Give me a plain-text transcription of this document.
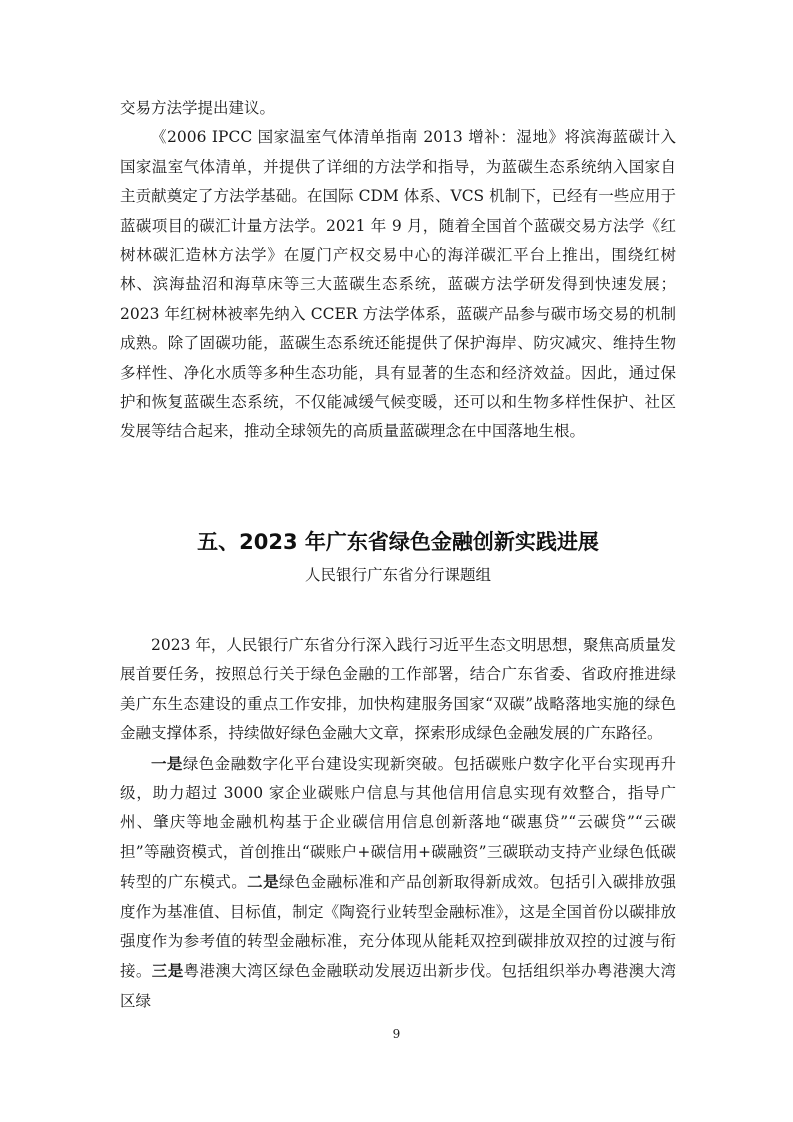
交易方法学提出建议。

《2006 IPCC 国家温室气体清单指南 2013 增补：湿地》将滨海蓝碳计入国家温室气体清单，并提供了详细的方法学和指导，为蓝碳生态系统纳入国家自主贡献奠定了方法学基础。在国际 CDM 体系、VCS 机制下，已经有一些应用于蓝碳项目的碳汇计量方法学。2021 年 9 月，随着全国首个蓝碳交易方法学《红树林碳汇造林方法学》在厦门产权交易中心的海洋碳汇平台上推出，围绕红树林、滨海盐沼和海草床等三大蓝碳生态系统，蓝碳方法学研发得到快速发展；2023 年红树林被率先纳入 CCER 方法学体系，蓝碳产品参与碳市场交易的机制成熟。除了固碳功能，蓝碳生态系统还能提供了保护海岸、防灾减灾、维持生物多样性、净化水质等多种生态功能，具有显著的生态和经济效益。因此，通过保护和恢复蓝碳生态系统，不仅能减缓气候变暖，还可以和生物多样性保护、社区发展等结合起来，推动全球领先的高质量蓝碳理念在中国落地生根。

五、2023 年广东省绿色金融创新实践进展
人民银行广东省分行课题组

2023 年，人民银行广东省分行深入践行习近平生态文明思想，聚焦高质量发展首要任务，按照总行关于绿色金融的工作部署，结合广东省委、省政府推进绿美广东生态建设的重点工作安排，加快构建服务国家“双碳”战略落地实施的绿色金融支撑体系，持续做好绿色金融大文章，探索形成绿色金融发展的广东路径。

一是绿色金融数字化平台建设实现新突破。包括碳账户数字化平台实现再升级，助力超过 3000 家企业碳账户信息与其他信用信息实现有效整合，指导广州、肇庆等地金融机构基于企业碳信用信息创新落地“碳惠贷”“云碳贷”“云碳担”等融资模式，首创推出“碳账户+碳信用+碳融资”三碳联动支持产业绿色低碳转型的广东模式。二是绿色金融标准和产品创新取得新成效。包括引入碳排放强度作为基准值、目标值，制定《陶瓷行业转型金融标准》，这是全国首份以碳排放强度作为参考值的转型金融标准，充分体现从能耗双控到碳排放双控的过渡与衔接。三是粤港澳大湾区绿色金融联动发展迈出新步伐。包括组织举办粤港澳大湾区绿

9
